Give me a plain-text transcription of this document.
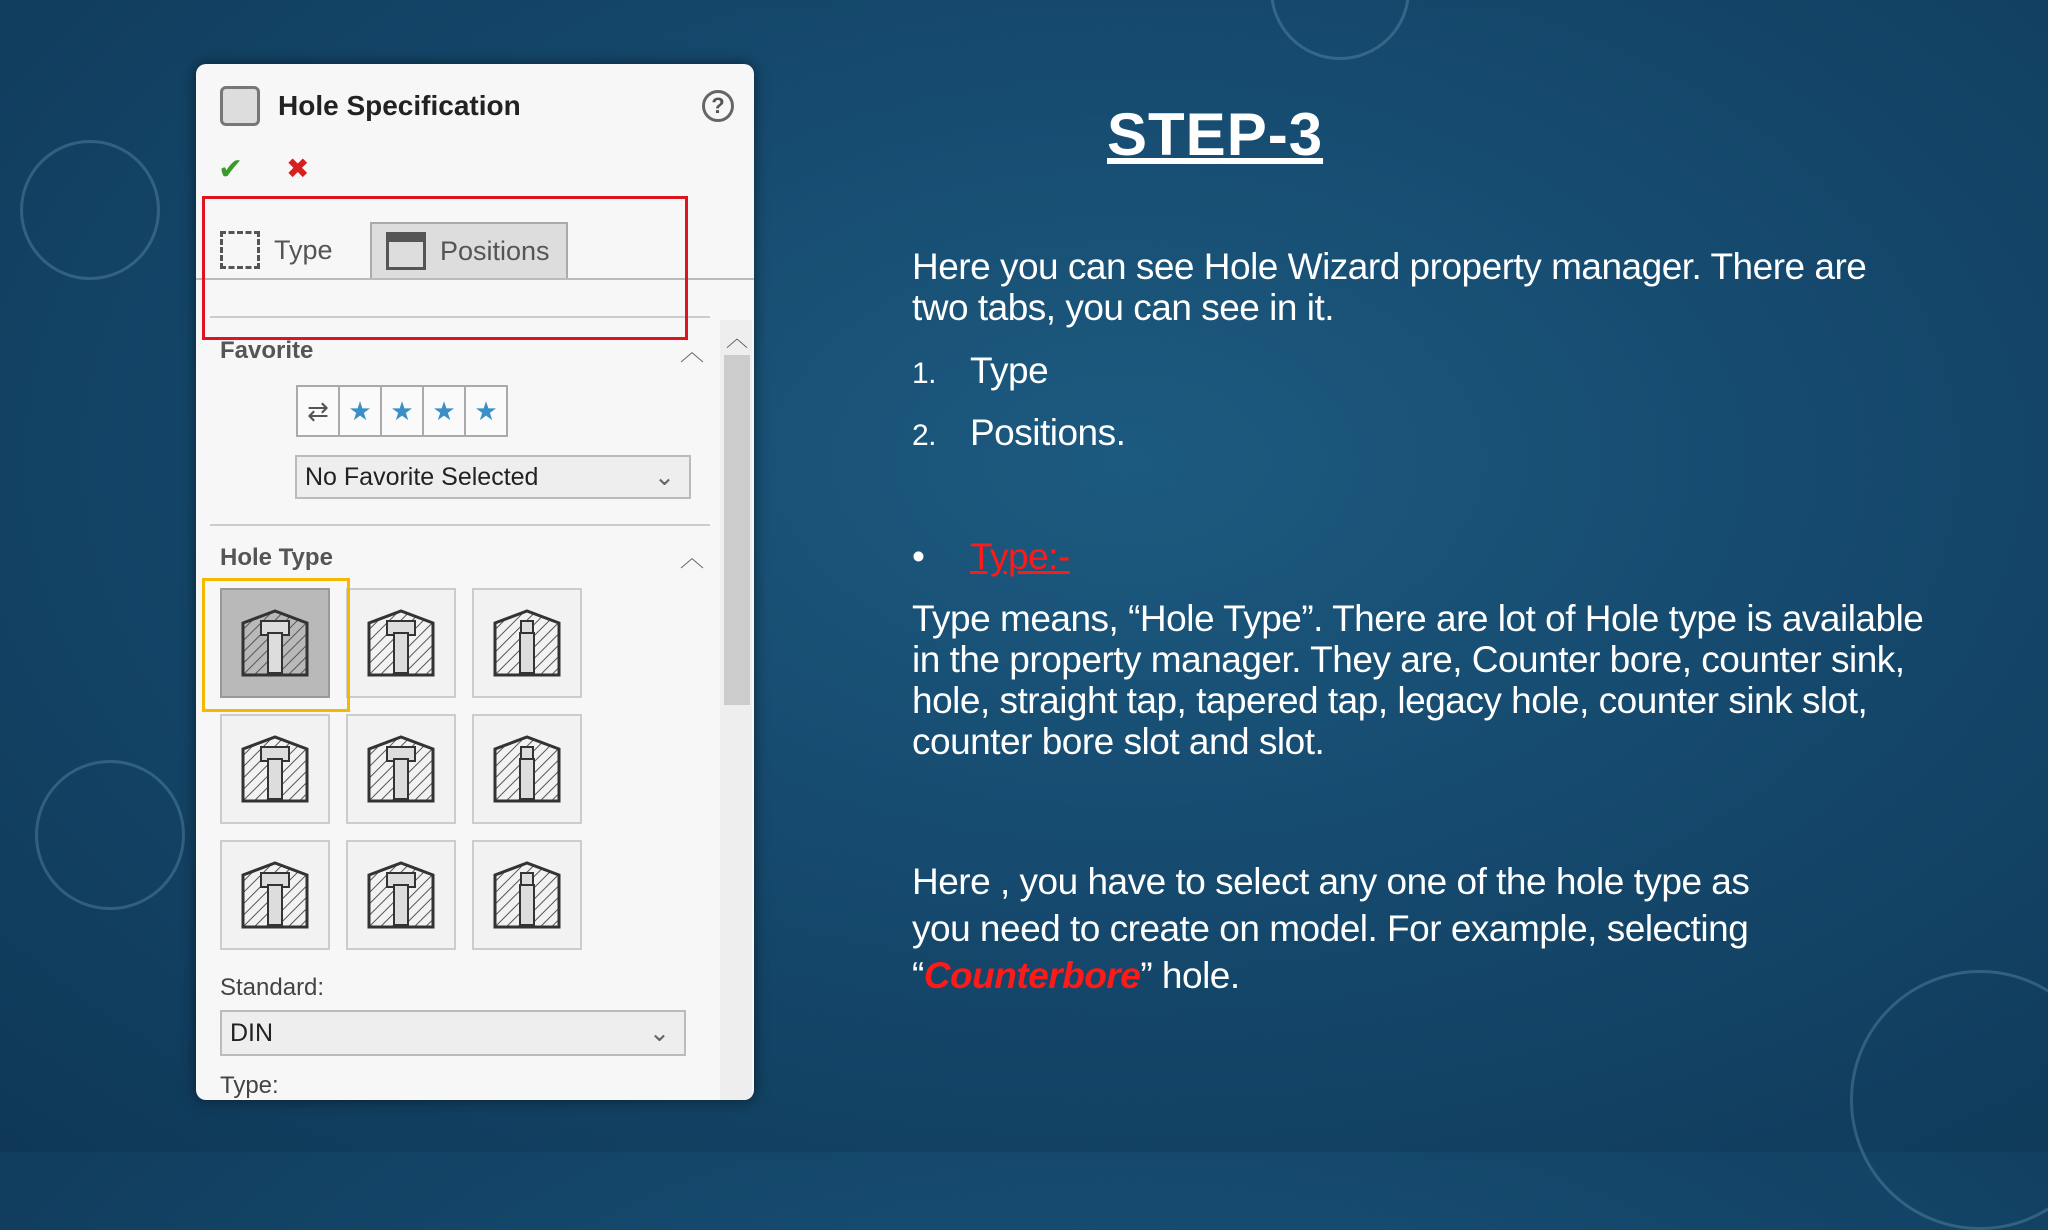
Hole Specification	?
✔ ✖
Type	Positions
︿
Favorite	︿
⇄ ★ ★ ★ ★
No Favorite Selected	⌄
Hole Type	︿
Standard:
DIN	⌄
Type:
STEP-3
Here you can see Hole Wizard property manager. There are two tabs, you can see in it.
1. Type
2. Positions.
• Type:-
Type means, “Hole Type”. There are lot of Hole type is available in the property manager. They are, Counter bore, counter sink, hole, straight tap, tapered tap, legacy hole, counter sink slot, counter bore slot and slot.
Here , you have to select any one of the hole type as you need to create on model. For example, selecting
“Counterbore” hole.
